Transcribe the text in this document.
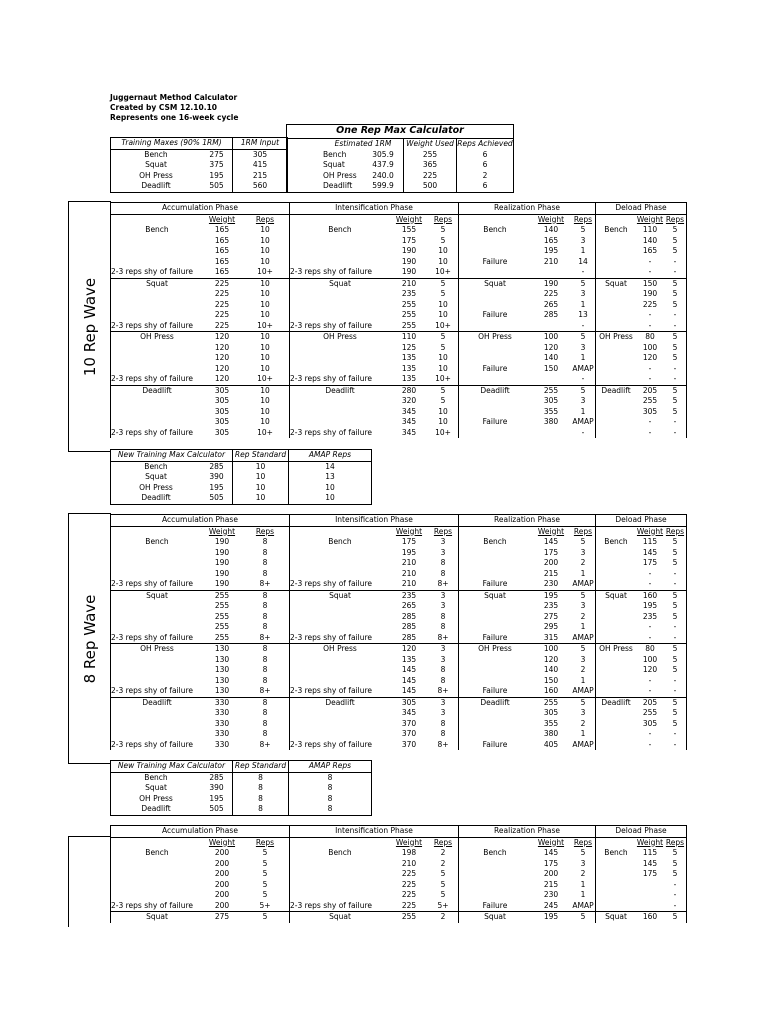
Juggernaut Method Calculator
Created by CSM 12.10.10
Represents one 16-week cycle
Training Maxes (90% 1RM)	1RM Input

Bench 275	305

Squat 375	415

OH Press 195	215

Deadlift 505	560
One Rep Max Calculator			
	Estimated 1RM	Weight Used	Reps Achieved

	Bench 305.9	255	6

	Squat 437.9	365	6

	OH Press 240.0	225	2

	Deadlift 599.9	500	6
10 Rep Wave
Accumulation Phase			Intensification Phase			Realization Phase			Deload Phase		
	Weight	Reps		Weight	Reps		Weight	Reps		Weight	Reps
Bench	165	10	Bench	155	5	Bench	140	5	Bench	110	5
	165	10		175	5		165	3		140	5
	165	10		190	10		195	1		165	5
	165	10		190	10	Failure	210	14		-	-
2-3 reps shy of failure	165	10+	2-3 reps shy of failure	190	10+			-		-	-
Squat	225	10	Squat	210	5	Squat	190	5	Squat	150	5
	225	10		235	5		225	3		190	5
	225	10		255	10		265	1		225	5
	225	10		255	10	Failure	285	13		-	-
2-3 reps shy of failure	225	10+	2-3 reps shy of failure	255	10+			-		-	-
OH Press	120	10	OH Press	110	5	OH Press	100	5	OH Press	80	5
	120	10		125	5		120	3		100	5
	120	10		135	10		140	1		120	5
	120	10		135	10	Failure	150	AMAP		-	-
2-3 reps shy of failure	120	10+	2-3 reps shy of failure	135	10+			-		-	-
Deadlift	305	10	Deadlift	280	5	Deadlift	255	5	Deadlift	205	5
	305	10		320	5		305	3		255	5
	305	10		345	10		355	1		305	5
	305	10		345	10	Failure	380	AMAP		-	-
2-3 reps shy of failure	305	10+	2-3 reps shy of failure	345	10+			-		-	-
New Training Max Calculator	Rep Standard	AMAP Reps

Bench 285	10	14

Squat 390	10	13

OH Press 195	10	10

Deadlift 505	10	10
8 Rep Wave
Accumulation Phase			Intensification Phase			Realization Phase			Deload Phase		
	Weight	Reps		Weight	Reps		Weight	Reps		Weight	Reps
Bench	190	8	Bench	175	3	Bench	145	5	Bench	115	5
	190	8		195	3		175	3		145	5
	190	8		210	8		200	2		175	5
	190	8		210	8		215	1		-	-
2-3 reps shy of failure	190	8+	2-3 reps shy of failure	210	8+	Failure	230	AMAP		-	-
Squat	255	8	Squat	235	3	Squat	195	5	Squat	160	5
	255	8		265	3		235	3		195	5
	255	8		285	8		275	2		235	5
	255	8		285	8		295	1		-	-
2-3 reps shy of failure	255	8+	2-3 reps shy of failure	285	8+	Failure	315	AMAP		-	-
OH Press	130	8	OH Press	120	3	OH Press	100	5	OH Press	80	5
	130	8		135	3		120	3		100	5
	130	8		145	8		140	2		120	5
	130	8		145	8		150	1		-	-
2-3 reps shy of failure	130	8+	2-3 reps shy of failure	145	8+	Failure	160	AMAP		-	-
Deadlift	330	8	Deadlift	305	3	Deadlift	255	5	Deadlift	205	5
	330	8		345	3		305	3		255	5
	330	8		370	8		355	2		305	5
	330	8		370	8		380	1		-	-
2-3 reps shy of failure	330	8+	2-3 reps shy of failure	370	8+	Failure	405	AMAP		-	-
New Training Max Calculator	Rep Standard	AMAP Reps

Bench 285	8	8

Squat 390	8	8

OH Press 195	8	8

Deadlift 505	8	8
Accumulation Phase			Intensification Phase			Realization Phase			Deload Phase		
	Weight	Reps		Weight	Reps		Weight	Reps		Weight	Reps
Bench	200	5	Bench	198	2	Bench	145	5	Bench	115	5
	200	5		210	2		175	3		145	5
	200	5		225	5		200	2		175	5
	200	5		225	5		215	1			-
	200	5		225	5		230	1			-
2-3 reps shy of failure	200	5+	2-3 reps shy of failure	225	5+	Failure	245	AMAP			-
Squat	275	5	Squat	255	2	Squat	195	5	Squat	160	5
